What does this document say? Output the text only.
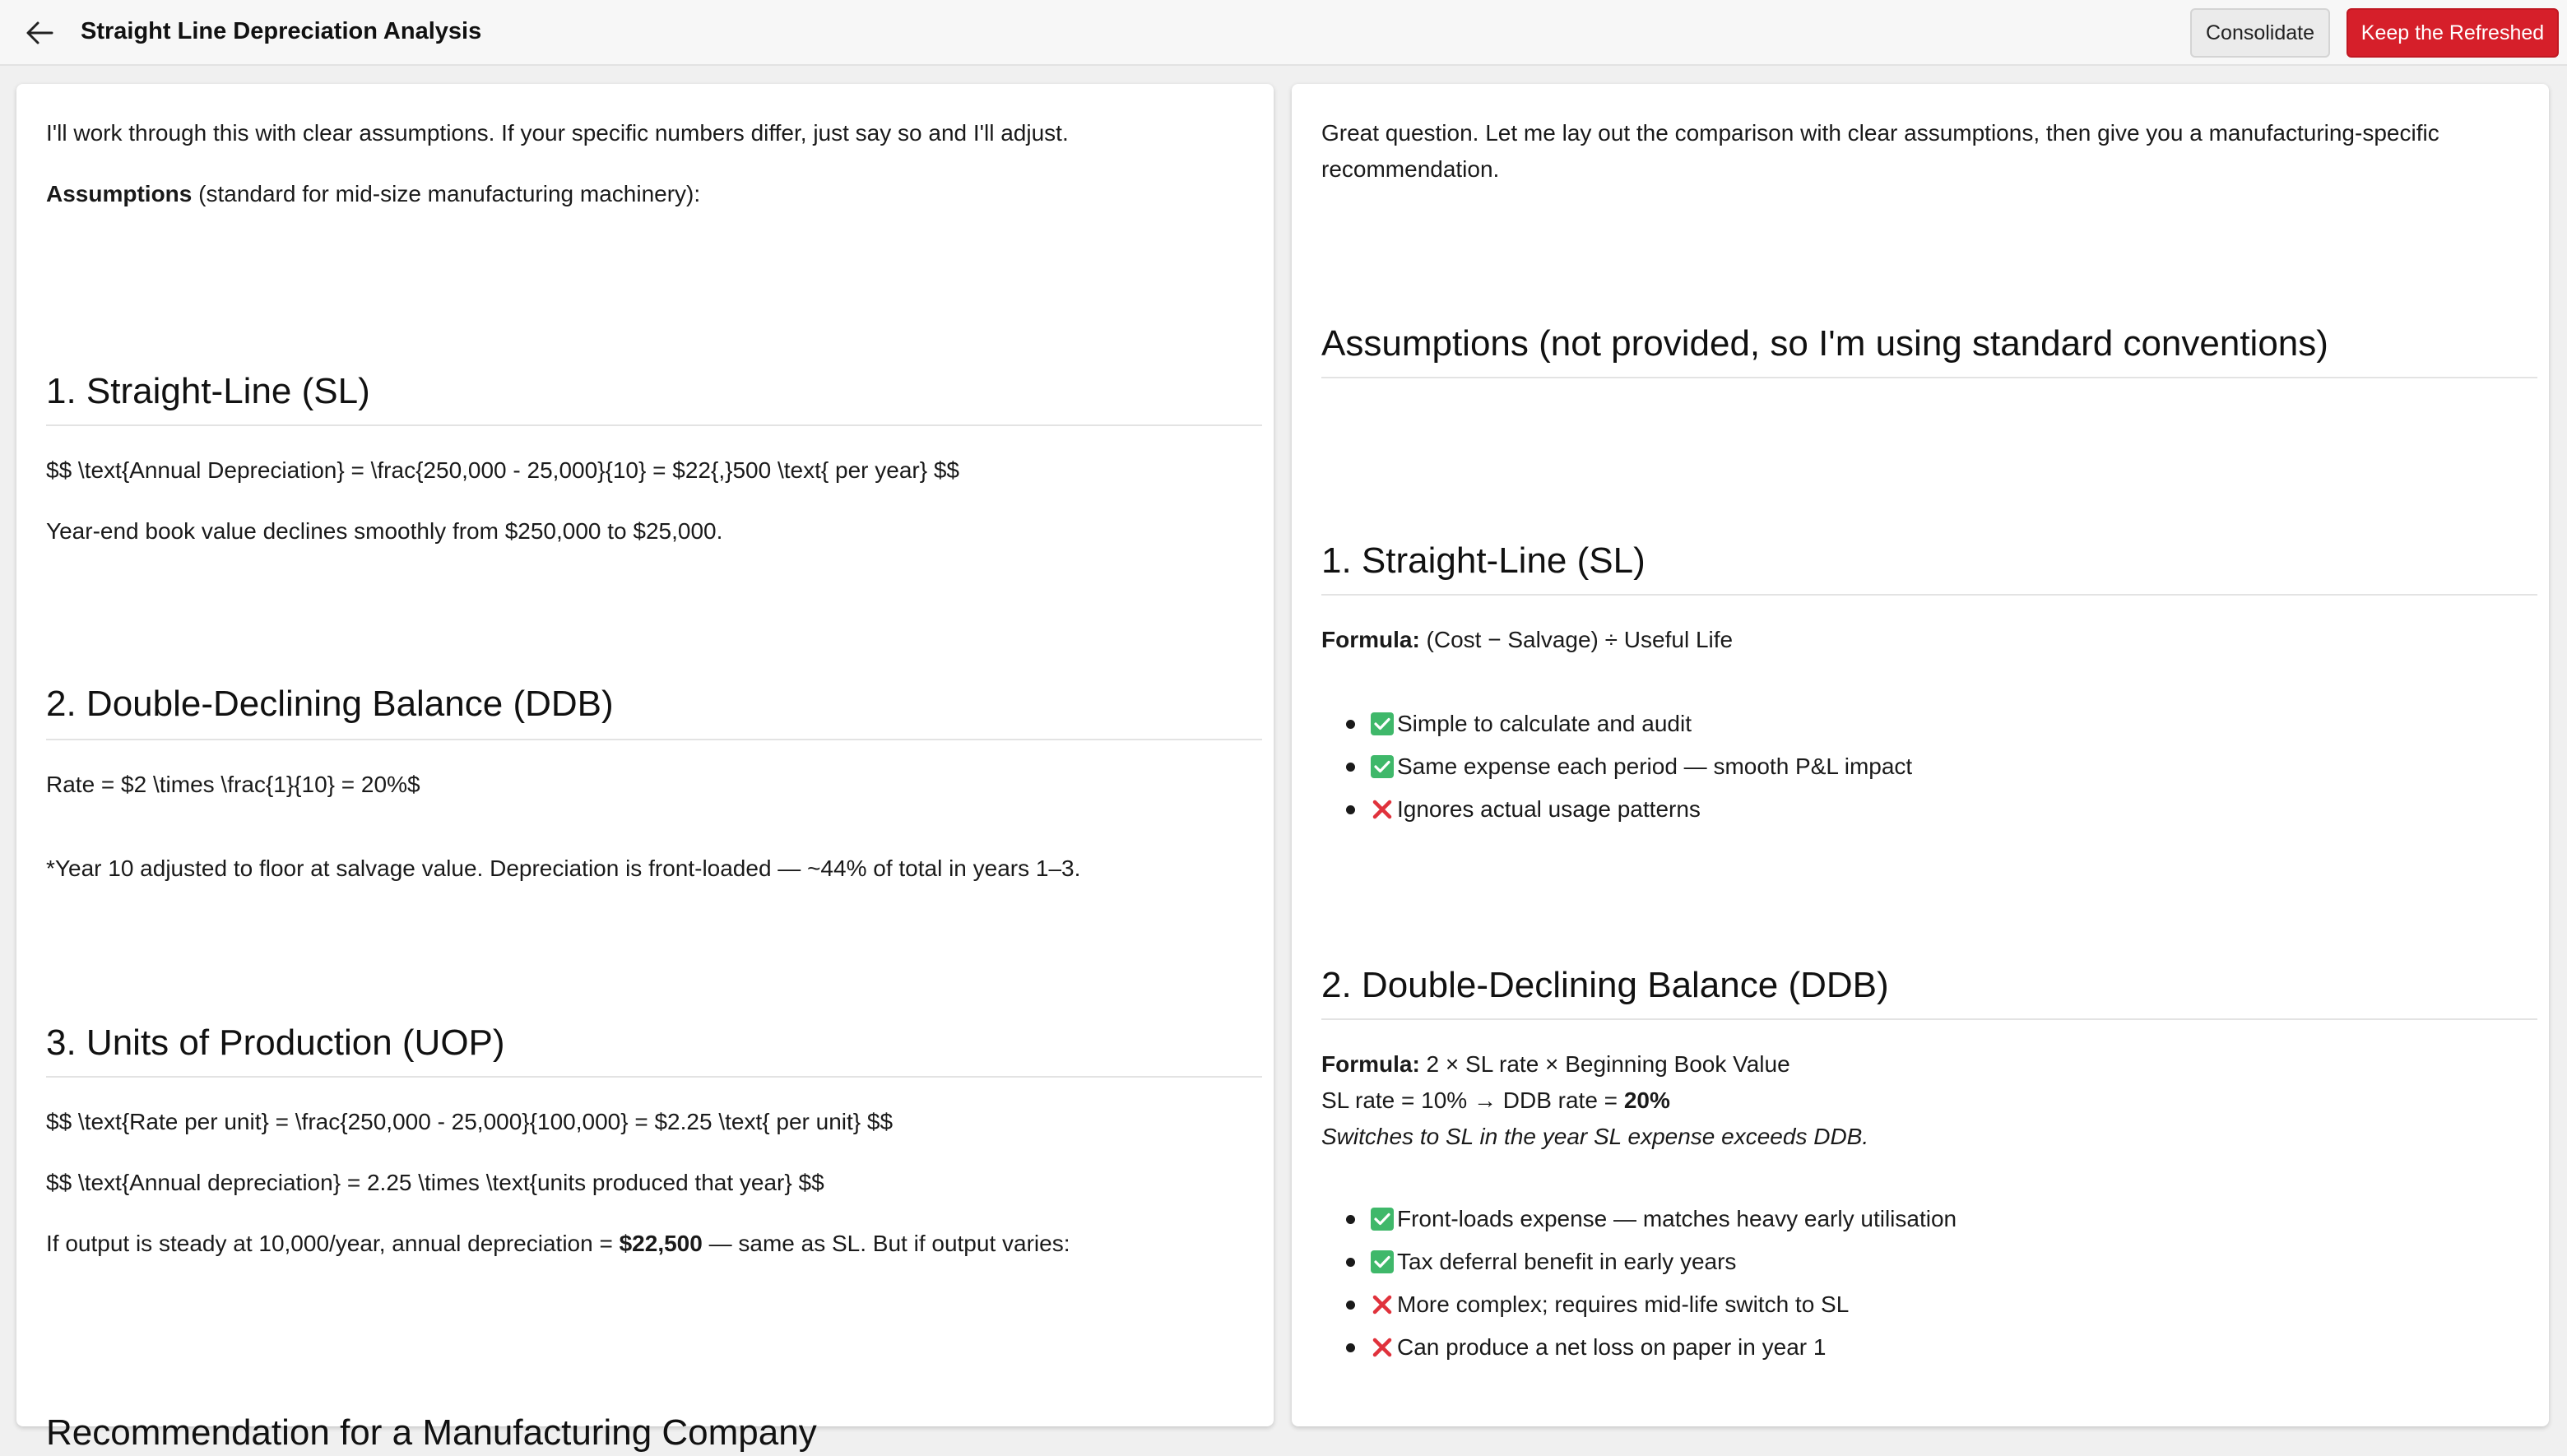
Straight Line Depreciation Analysis	Consolidate	Keep the Refreshed
I'll work through this with clear assumptions. If your specific numbers differ, just say so and I'll adjust.
Assumptions (standard for mid-size manufacturing machinery):
1. Straight-Line (SL)
$$ \text{Annual Depreciation} = \frac{250,000 - 25,000}{10} = $22{,}500 \text{ per year} $$
Year-end book value declines smoothly from $250,000 to $25,000.
2. Double-Declining Balance (DDB)
Rate = $2 \times \frac{1}{10} = 20%$
*Year 10 adjusted to floor at salvage value. Depreciation is front-loaded — ~44% of total in years 1–3.
3. Units of Production (UOP)
$$ \text{Rate per unit} = \frac{250,000 - 25,000}{100,000} = $2.25 \text{ per unit} $$
$$ \text{Annual depreciation} = 2.25 \times \text{units produced that year} $$
If output is steady at 10,000/year, annual depreciation = $22,500 — same as SL. But if output varies:
Recommendation for a Manufacturing Company
Great question. Let me lay out the comparison with clear assumptions, then give you a manufacturing-specific
recommendation.
Assumptions (not provided, so I'm using standard conventions)
1. Straight-Line (SL)
Formula: (Cost − Salvage) ÷ Useful Life
Simple to calculate and audit
Same expense each period — smooth P&L impact
Ignores actual usage patterns
2. Double-Declining Balance (DDB)
Formula: 2 × SL rate × Beginning Book Value
SL rate = 10% → DDB rate = 20%
Switches to SL in the year SL expense exceeds DDB.
Front-loads expense — matches heavy early utilisation
Tax deferral benefit in early years
More complex; requires mid-life switch to SL
Can produce a net loss on paper in year 1
